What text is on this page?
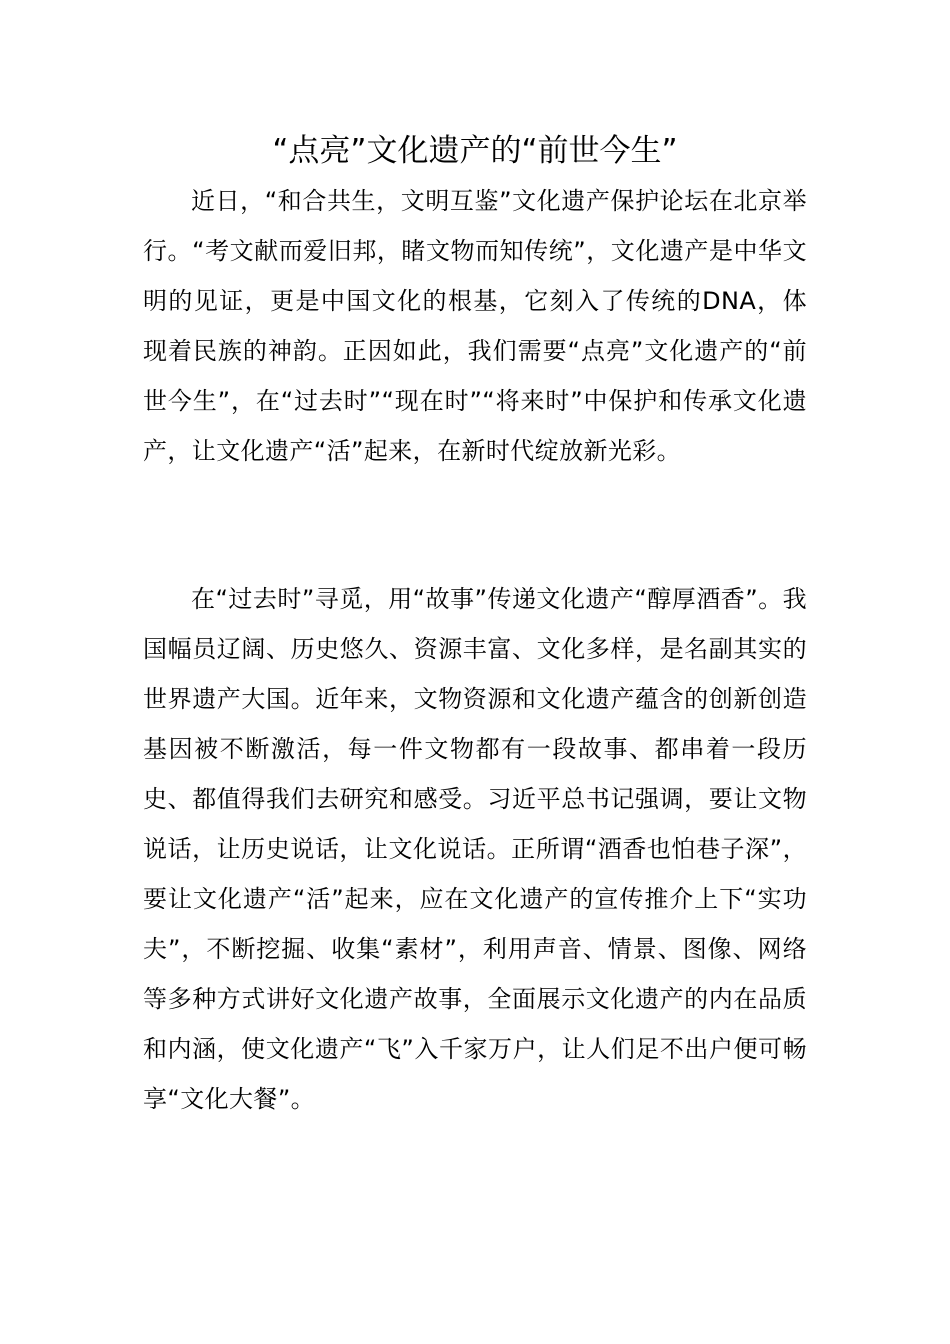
“点亮”文化遗产的“前世今生”

近日，“和合共生，文明互鉴”文化遗产保护论坛在北京举行。“考文献而爱旧邦，睹文物而知传统”，文化遗产是中华文明的见证，更是中国文化的根基，它刻入了传统的DNA，体现着民族的神韵。正因如此，我们需要“点亮”文化遗产的“前世今生”，在“过去时”“现在时”“将来时”中保护和传承文化遗产，让文化遗产“活”起来，在新时代绽放新光彩。

在“过去时”寻觅，用“故事”传递文化遗产“醇厚酒香”。我国幅员辽阔、历史悠久、资源丰富、文化多样，是名副其实的世界遗产大国。近年来，文物资源和文化遗产蕴含的创新创造基因被不断激活，每一件文物都有一段故事、都串着一段历史、都值得我们去研究和感受。习近平总书记强调，要让文物说话，让历史说话，让文化说话。正所谓“酒香也怕巷子深”，要让文化遗产“活”起来，应在文化遗产的宣传推介上下“实功夫”，不断挖掘、收集“素材”，利用声音、情景、图像、网络等多种方式讲好文化遗产故事，全面展示文化遗产的内在品质和内涵，使文化遗产“飞”入千家万户，让人们足不出户便可畅享“文化大餐”。
